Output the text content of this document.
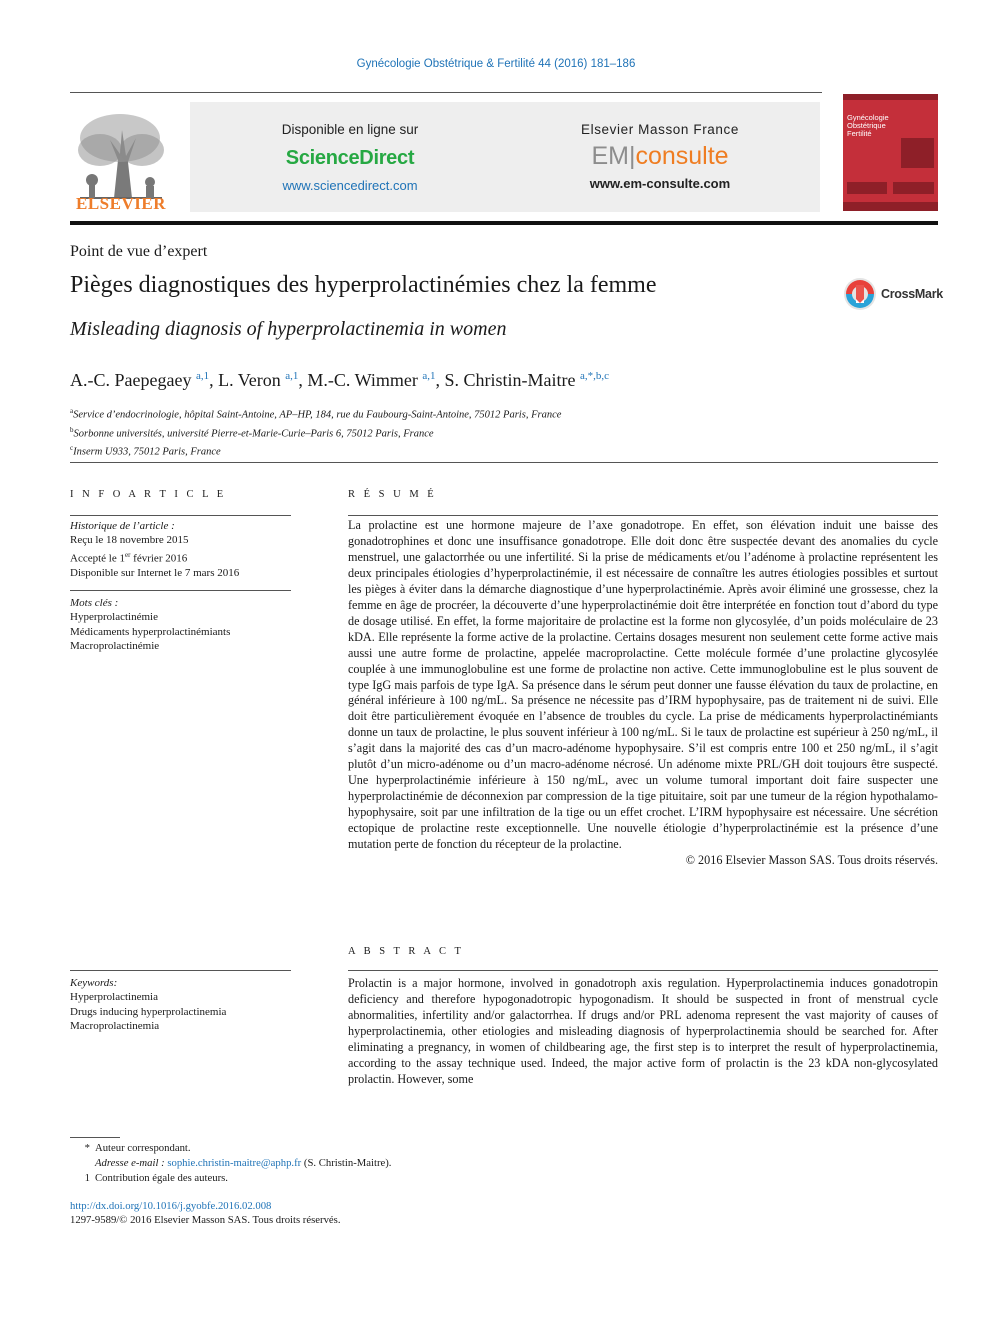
Gynécologie Obstétrique & Fertilité 44 (2016) 181–186
ELSEVIER
Disponible en ligne sur
ScienceDirect
www.sciencedirect.com
Elsevier Masson France
EM|consulte
www.em-consulte.com
Gynécologie Obstétrique Fertilité
Point de vue d’expert
Pièges diagnostiques des hyperprolactinémies chez la femme
Misleading diagnosis of hyperprolactinemia in women
CrossMark
A.-C. Paepegaey $^{a,1}$, L. Veron $^{a,1}$, M.-C. Wimmer $^{a,1}$, S. Christin-Maitre $^{a,*,b,c}$
$^a$Service d’endocrinologie, hôpital Saint-Antoine, AP–HP, 184, rue du Faubourg-Saint-Antoine, 75012 Paris, France
$^b$Sorbonne universités, université Pierre-et-Marie-Curie–Paris 6, 75012 Paris, France
$^c$Inserm U933, 75012 Paris, France
I N F O A R T I C L E
Historique de l’article :
Reçu le 18 novembre 2015
Accepté le 1er février 2016
Disponible sur Internet le 7 mars 2016
Mots clés :
Hyperprolactinémie
Médicaments hyperprolactinémiants
Macroprolactinémie
Keywords:
Hyperprolactinemia
Drugs inducing hyperprolactinemia
Macroprolactinemia
R É S U M É

La prolactine est une hormone majeure de l’axe gonadotrope. En effet, son élévation induit une baisse des gonadotrophines et donc une insuffisance gonadotrope. Elle doit donc être suspectée devant des anomalies du cycle menstruel, une galactorrhée ou une infertilité. Si la prise de médicaments et/ou l’adénome à prolactine représentent les deux principales étiologies d’hyperprolactinémie, il est nécessaire de connaître les autres étiologies possibles et surtout les pièges à éviter dans la démarche diagnostique d’une hyperprolactinémie. Après avoir éliminé une grossesse, chez la femme en âge de procréer, la découverte d’une hyperprolactinémie doit être interprétée en fonction tout d’abord du type de dosage utilisé. En effet, la forme majoritaire de prolactine est la forme non glycosylée, d’un poids moléculaire de 23 kDA. Elle représente la forme active de la prolactine. Certains dosages mesurent non seulement cette forme active mais aussi une autre forme de prolactine, appelée macroprolactine. Cette molécule formée d’une prolactine glycosylée couplée à une immunoglobuline est une forme de prolactine non active. Cette immunoglobuline est le plus souvent de type IgG mais parfois de type IgA. Sa présence dans le sérum peut donner une fausse élévation du taux de prolactine, en général inférieure à 100 ng/mL. Sa présence ne nécessite pas d’IRM hypophysaire, pas de traitement ni de suivi. Elle doit être particulièrement évoquée en l’absence de troubles du cycle. La prise de médicaments hyperprolactinémiants donne un taux de prolactine, le plus souvent inférieur à 100 ng/mL. Si le taux de prolactine est supérieur à 250 ng/mL, il s’agit dans la majorité des cas d’un macro-adénome hypophysaire. S’il est compris entre 100 et 250 ng/mL, il s’agit plutôt d’un micro-adénome ou d’un macro-adénome nécrosé. Un adénome mixte PRL/GH doit toujours être suspecté. Une hyperprolactinémie inférieure à 150 ng/mL, avec un volume tumoral important doit faire suspecter une hyperprolactinémie de déconnexion par compression de la tige pituitaire, soit par une tumeur de la région hypothalamo-hypophysaire, soit par une infiltration de la tige ou un effet crochet. L’IRM hypophysaire est nécessaire. Une sécrétion ectopique de prolactine reste exceptionnelle. Une nouvelle étiologie d’hyperprolactinémie est la présence d’une mutation perte de fonction du récepteur de la prolactine.

© 2016 Elsevier Masson SAS. Tous droits réservés.

A B S T R A C T

Prolactin is a major hormone, involved in gonadotroph axis regulation. Hyperprolactinemia induces gonadotropin deficiency and therefore hypogonadotropic hypogonadism. It should be suspected in front of menstrual cycle abnormalities, infertility and/or galactorrhea. If drugs and/or PRL adenoma represent the vast majority of causes of hyperprolactinemia, other etiologies and misleading diagnosis of hyperprolactinemia should be searched for. After eliminating a pregnancy, in women of childbearing age, the first step is to interpret the result of hyperprolactinemia, according to the assay technique used. Indeed, the major active form of prolactin is the 23 kDA non-glycosylated prolactin. However, some

* Auteur correspondant.
Adresse e-mail : sophie.christin-maitre@aphp.fr (S. Christin-Maitre).
1 Contribution égale des auteurs.
http://dx.doi.org/10.1016/j.gyobfe.2016.02.008
1297-9589/© 2016 Elsevier Masson SAS. Tous droits réservés.
